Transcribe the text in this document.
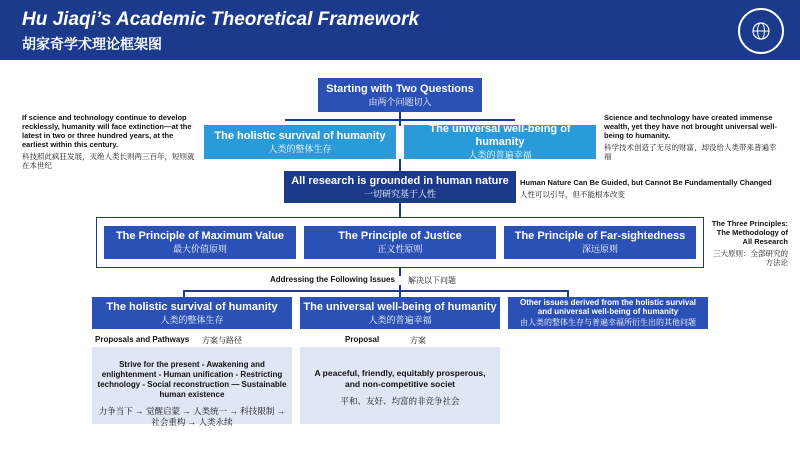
Hu Jiaqi’s Academic Theoretical Framework
胡家奇学术理论框架图
Starting with Two Questions
由两个问题切入
The holistic survival of humanity
人类的整体生存
The universal well-being of humanity
人类的普遍幸福
If science and technology continue to develop recklessly, humanity will face extinction—at the latest in two or three hundred years, at the earliest within this century.
科技照此疯狂发展，灭绝人类长则两三百年，短则就在本世纪
Science and technology have created immense wealth, yet they have not brought universal well-being to humanity.
科学技术创造了无尽的财富，却没给人类带来普遍幸福
All research is grounded in human nature
一切研究基于人性
Human Nature Can Be Guided, but Cannot Be Fundamentally Changed
人性可以引导，但不能根本改变
The Principle of Maximum Value
最大价值原则
The Principle of Justice
正义性原则
The Principle of Far-sightedness
深远原则
The Three Principles: The Methodology of All Research
三大原则：全部研究的方法论
Addressing the Following Issues 解决以下问题
The holistic survival of humanity
人类的整体生存
The universal well-being of humanity
人类的普遍幸福
Other issues derived from the holistic survival and universal well-being of humanity
由人类的整体生存与普遍幸福所衍生出的其他问题
Proposals and Pathways 方案与路径	Proposal	方案
Strive for the present - Awakening and enlightenment - Human unification - Restricting technology - Social reconstruction — Sustainable human existence
力争当下 → 觉醒启蒙 → 人类统一 → 科技限制 → 社会重构 → 人类永续
A peaceful, friendly, equitably prosperous, and non-competitive societ
平和、友好、均富的非竞争社会
